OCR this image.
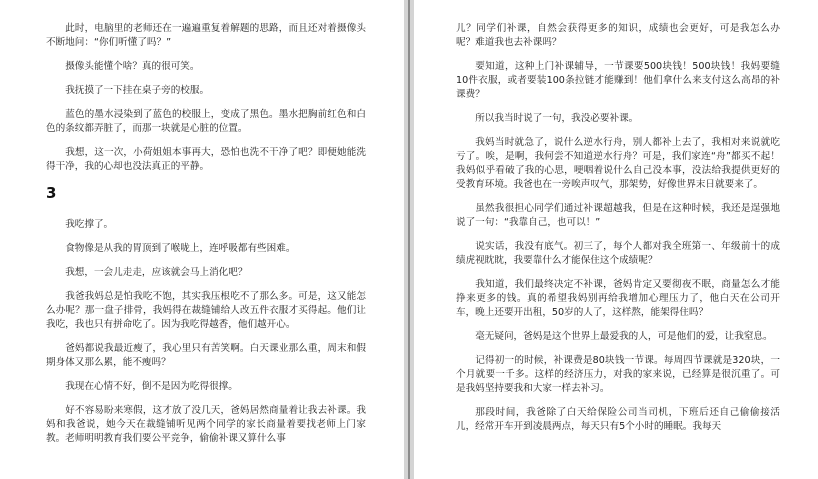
此时，电脑里的老师还在一遍遍重复着解题的思路，而且还对着摄像头不断地问：“你们听懂了吗？”

摄像头能懂个啥？真的很可笑。

我抚摸了一下挂在桌子旁的校服。

蓝色的墨水浸染到了蓝色的校服上，变成了黑色。墨水把胸前红色和白色的条纹都弄脏了，而那一块就是心脏的位置。

我想，这一次，小荷姐姐本事再大，恐怕也洗不干净了吧？即便她能洗得干净，我的心却也没法真正的平静。

3

我吃撑了。

食物像是从我的胃顶到了喉咙上，连呼吸都有些困难。

我想，一会儿走走，应该就会马上消化吧？

我爸我妈总是怕我吃不饱，其实我压根吃不了那么多。可是，这又能怎么办呢？那一盘子排骨，我妈得在裁缝铺给人改五件衣服才买得起。他们让我吃，我也只有拼命吃了。因为我吃得越香，他们越开心。

爸妈都说我最近瘦了，我心里只有苦笑啊。白天课业那么重，周末和假期身体又那么累，能不瘦吗？

我现在心情不好，倒不是因为吃得很撑。

好不容易盼来寒假，这才放了没几天，爸妈居然商量着让我去补课。我妈和我爸说，她今天在裁缝铺听见两个同学的家长商量着要找老师上门家教。老师明明教育我们要公平竞争，偷偷补课又算什么事

儿？同学们补课，自然会获得更多的知识，成绩也会更好，可是我怎么办呢？难道我也去补课吗？

要知道，这种上门补课辅导，一节课要500块钱！500块钱！我妈要缝10件衣服，或者要装100条拉链才能赚到！他们拿什么来支付这么高昂的补课费？

所以我当时说了一句，我没必要补课。

我妈当时就急了，说什么逆水行舟，别人都补上去了，我相对来说就吃亏了。唉，是啊，我何尝不知道逆水行舟？可是，我们家连“舟”都买不起！我妈似乎看破了我的心思，哽咽着说什么自己没本事，没法给我提供更好的受教育环境。我爸也在一旁唉声叹气，那架势，好像世界末日就要来了。

虽然我很担心同学们通过补课超越我，但是在这种时候，我还是逞强地说了一句：“我靠自己，也可以！”

说实话，我没有底气。初三了，每个人都对我全班第一、年级前十的成绩虎视眈眈，我要靠什么才能保住这个成绩呢？

我知道，我们最终决定不补课，爸妈肯定又要彻夜不眠，商量怎么才能挣来更多的钱。真的希望我妈别再给我增加心理压力了，他白天在公司开车，晚上还要开出租，50岁的人了，这样熬，能架得住吗？

毫无疑问，爸妈是这个世界上最爱我的人，可是他们的爱，让我窒息。

记得初一的时候，补课费是80块钱一节课。每周四节课就是320块，一个月就要一千多。这样的经济压力，对我的家来说，已经算是很沉重了。可是我妈坚持要我和大家一样去补习。

那段时间，我爸除了白天给保险公司当司机，下班后还自己偷偷接活儿，经常开车开到凌晨两点，每天只有5个小时的睡眠。我每天
